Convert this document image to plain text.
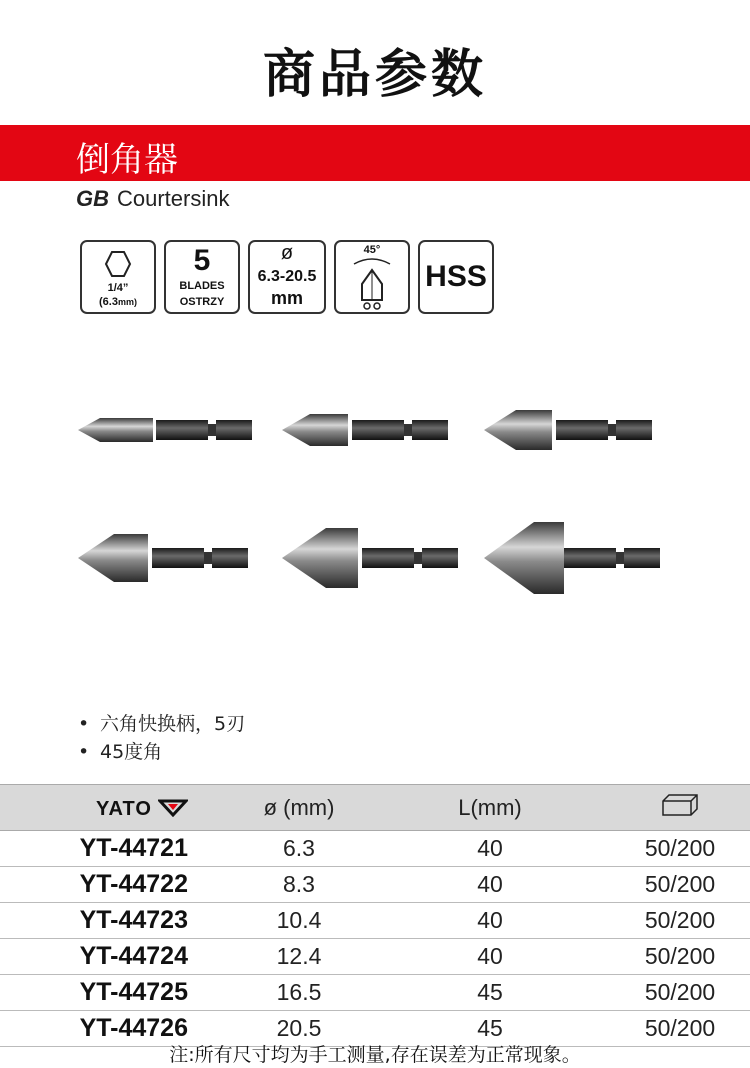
商品参数
倒角器
GB Courtersink
1/4”
(6.3mm)
5
BLADES
OSTRZY
ø
6.3-20.5
mm
45°
HSS
• 六角快换柄，5刃
• 45度角
YATO	ø (mm)	L(mm)	
YT-44721	6.3	40	50/200
YT-44722	8.3	40	50/200
YT-44723	10.4	40	50/200
YT-44724	12.4	40	50/200
YT-44725	16.5	45	50/200
YT-44726	20.5	45	50/200
注:所有尺寸均为手工测量,存在误差为正常现象。
